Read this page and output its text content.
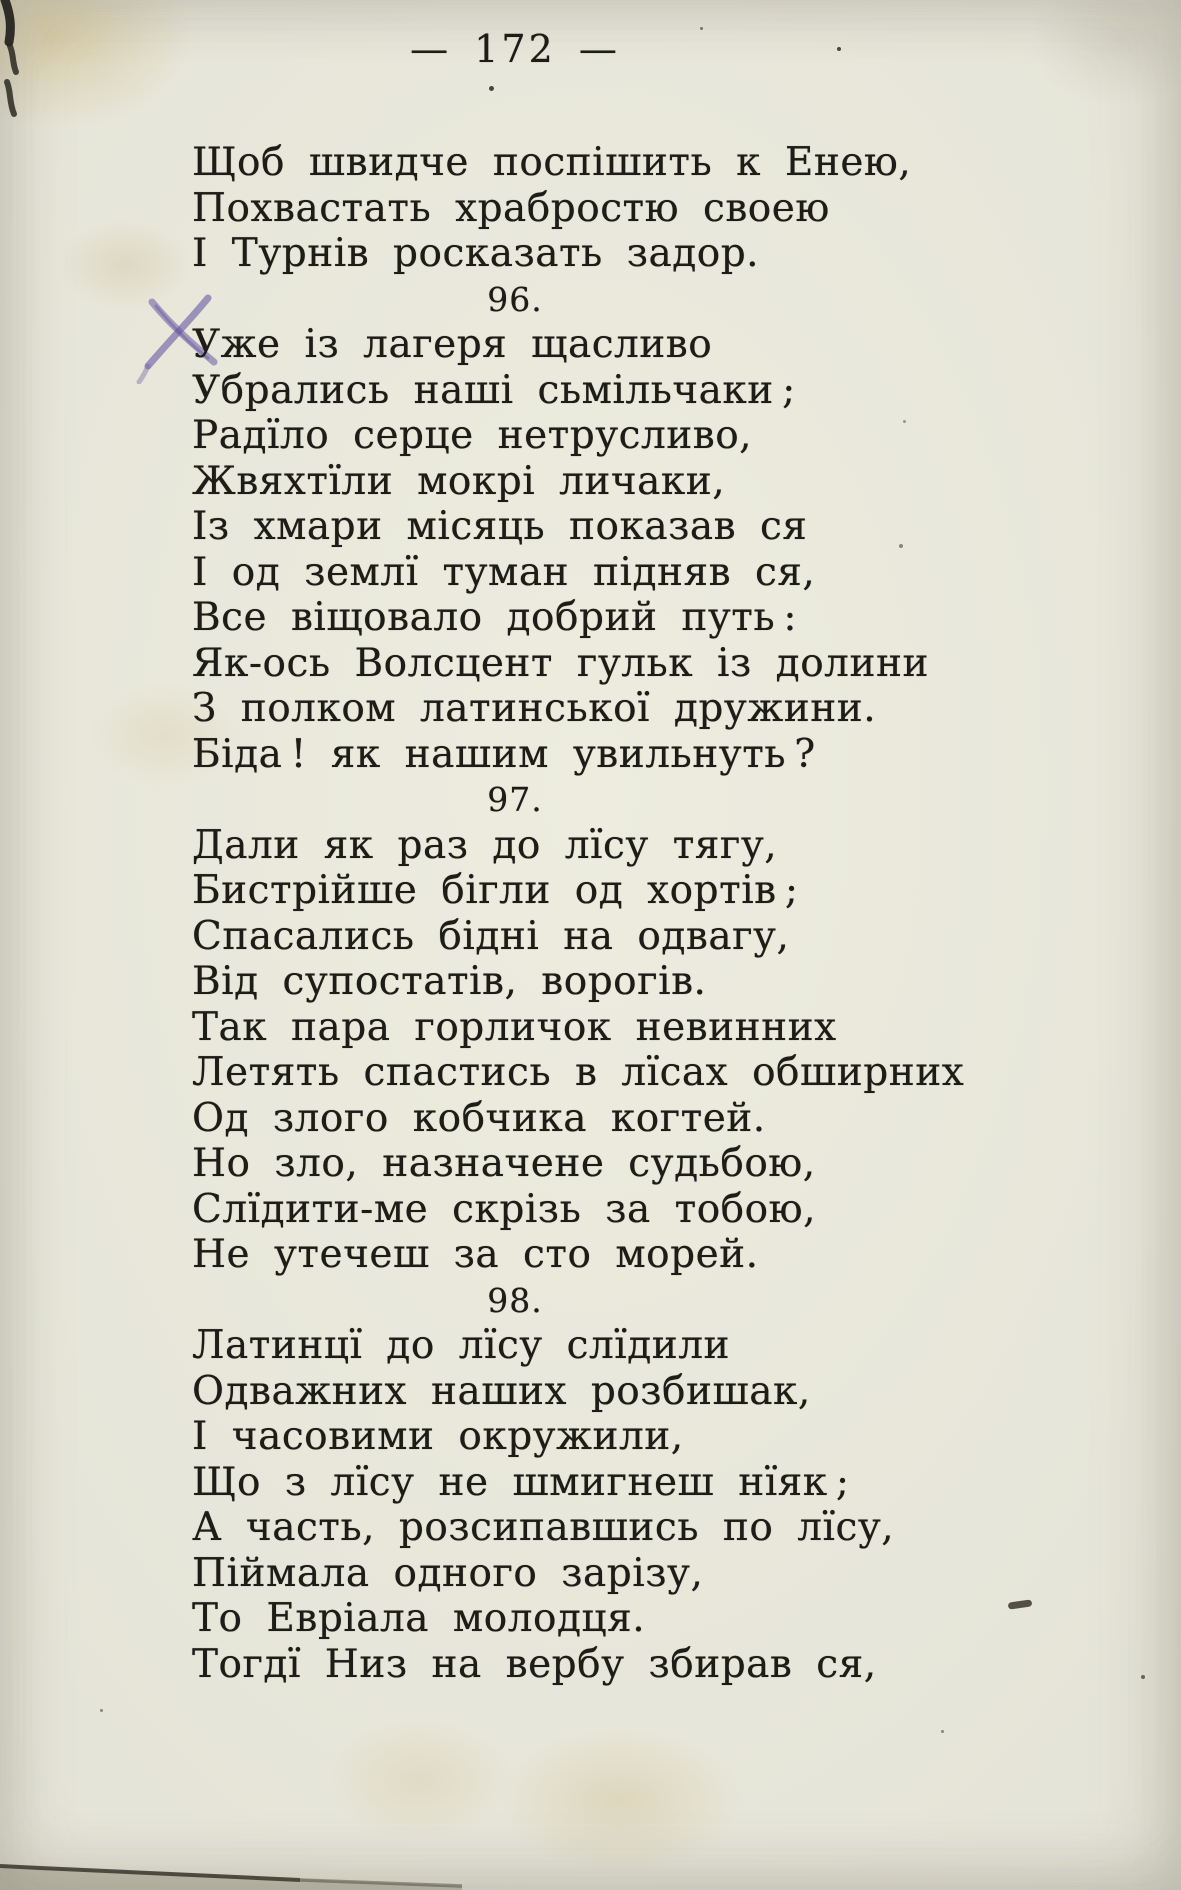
— 172 —
Щоб швидче поспішить к Енею,
Похвастать храбростю своею
І Турнів росказать задор.
96.
Уже із лагеря щасливо
Убрались наші сьмільчаки ;
Радїло серце нетрусливо,
Жвяхтїли мокрі личаки,
Із хмари місяць показав ся
І од землї туман підняв ся,
Все віщовало добрий путь :
Як-ось Волсцент гульк із долини
З полком латинської дружини.
Біда ! як нашим увильнуть ?
97.
Дали як раз до лїсу тягу,
Бистрійше бігли од хортів ;
Спасались бідні на одвагу,
Від супостатів, ворогів.
Так пара горличок невинних
Летять спастись в лїсах обширних
Од злого кобчика когтей.
Но зло, назначене судьбою,
Слїдити-ме скрізь за тобою,
Не утечеш за сто морей.
98.
Латинцї до лїсу слїдили
Одважних наших розбишак,
І часовими окружили,
Що з лїсу не шмигнеш нїяк ;
А часть, розсипавшись по лїсу,
Піймала одного зарізу,
То Евріала молодця.
Тогдї Низ на вербу збирав ся,
